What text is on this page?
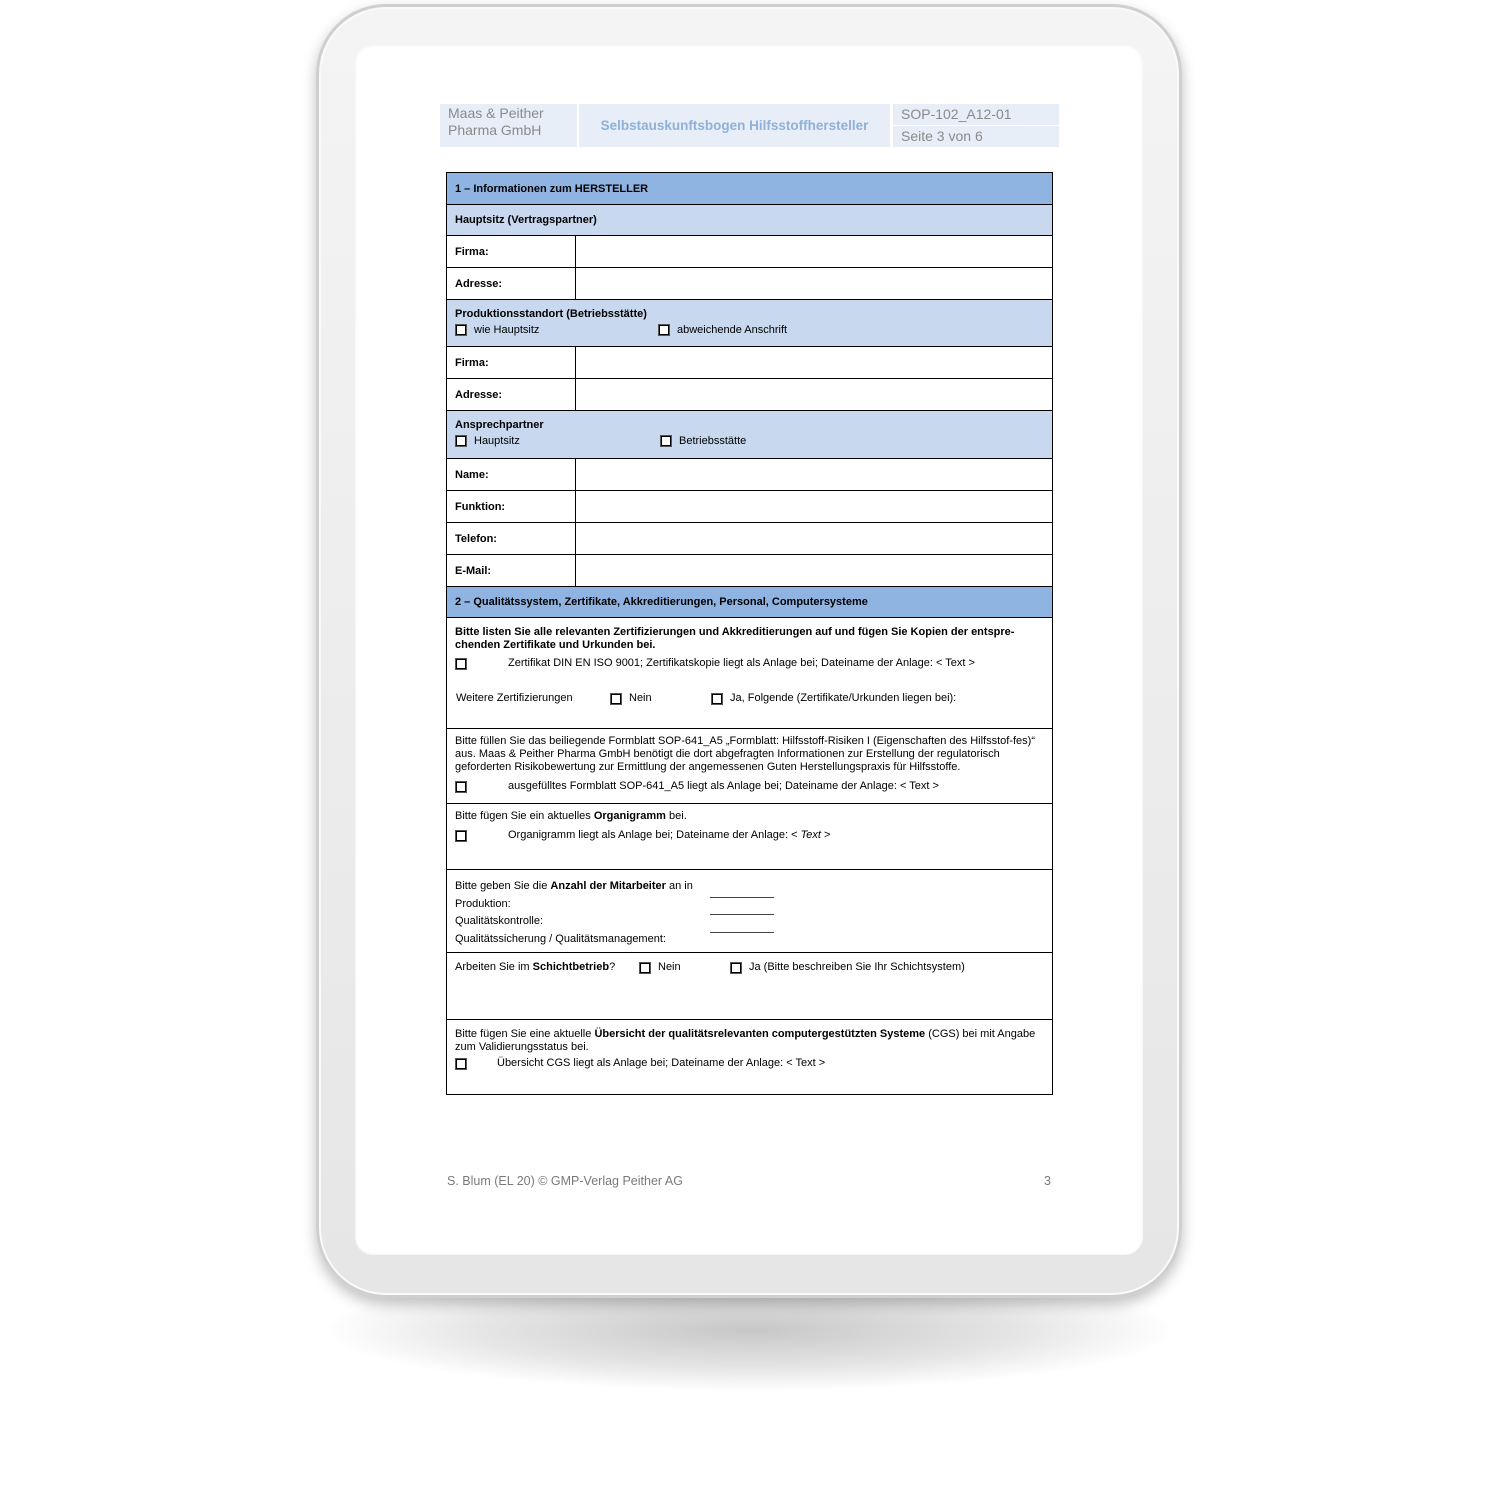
Maas & Peither
Pharma GmbH	Selbstauskunftsbogen Hilfsstoffhersteller
SOP-102_A12-01
Seite 3 von 6
1 – Informationen zum HERSTELLER
Hauptsitz (Vertragspartner)
Firma:
Adresse:
Produktionsstandort (Betriebsstätte)
wie Hauptsitz	abweichende Anschrift
Firma:
Adresse:
Ansprechpartner
Hauptsitz	Betriebsstätte
Name:
Funktion:
Telefon:
E-Mail:
2 – Qualitätssystem, Zertifikate, Akkreditierungen, Personal, Computersysteme
Bitte listen Sie alle relevanten Zertifizierungen und Akkreditierungen auf und fügen Sie Kopien der entspre-chenden Zertifikate und Urkunden bei.
Zertifikat DIN EN ISO 9001; Zertifikatskopie liegt als Anlage bei; Dateiname der Anlage: < Text >
Weitere Zertifizierungen	Nein	Ja, Folgende (Zertifikate/Urkunden liegen bei):
Bitte füllen Sie das beiliegende Formblatt SOP-641_A5 „Formblatt: Hilfsstoff-Risiken I (Eigenschaften des Hilfsstof-fes)“ aus. Maas & Peither Pharma GmbH benötigt die dort abgefragten Informationen zur Erstellung der regulatorisch geforderten Risikobewertung zur Ermittlung der angemessenen Guten Herstellungspraxis für Hilfsstoffe.
ausgefülltes Formblatt SOP-641_A5 liegt als Anlage bei; Dateiname der Anlage: < Text >
Bitte fügen Sie ein aktuelles Organigramm bei.
Organigramm liegt als Anlage bei; Dateiname der Anlage: < Text >
Bitte geben Sie die Anzahl der Mitarbeiter an in
Produktion:
Qualitätskontrolle:
Qualitätssicherung / Qualitätsmanagement:
Arbeiten Sie im Schichtbetrieb?	Nein	Ja (Bitte beschreiben Sie Ihr Schichtsystem)
Bitte fügen Sie eine aktuelle Übersicht der qualitätsrelevanten computergestützten Systeme (CGS) bei mit Angabe zum Validierungsstatus bei.
Übersicht CGS liegt als Anlage bei; Dateiname der Anlage: < Text >
S. Blum (EL 20) © GMP-Verlag Peither AG	3
